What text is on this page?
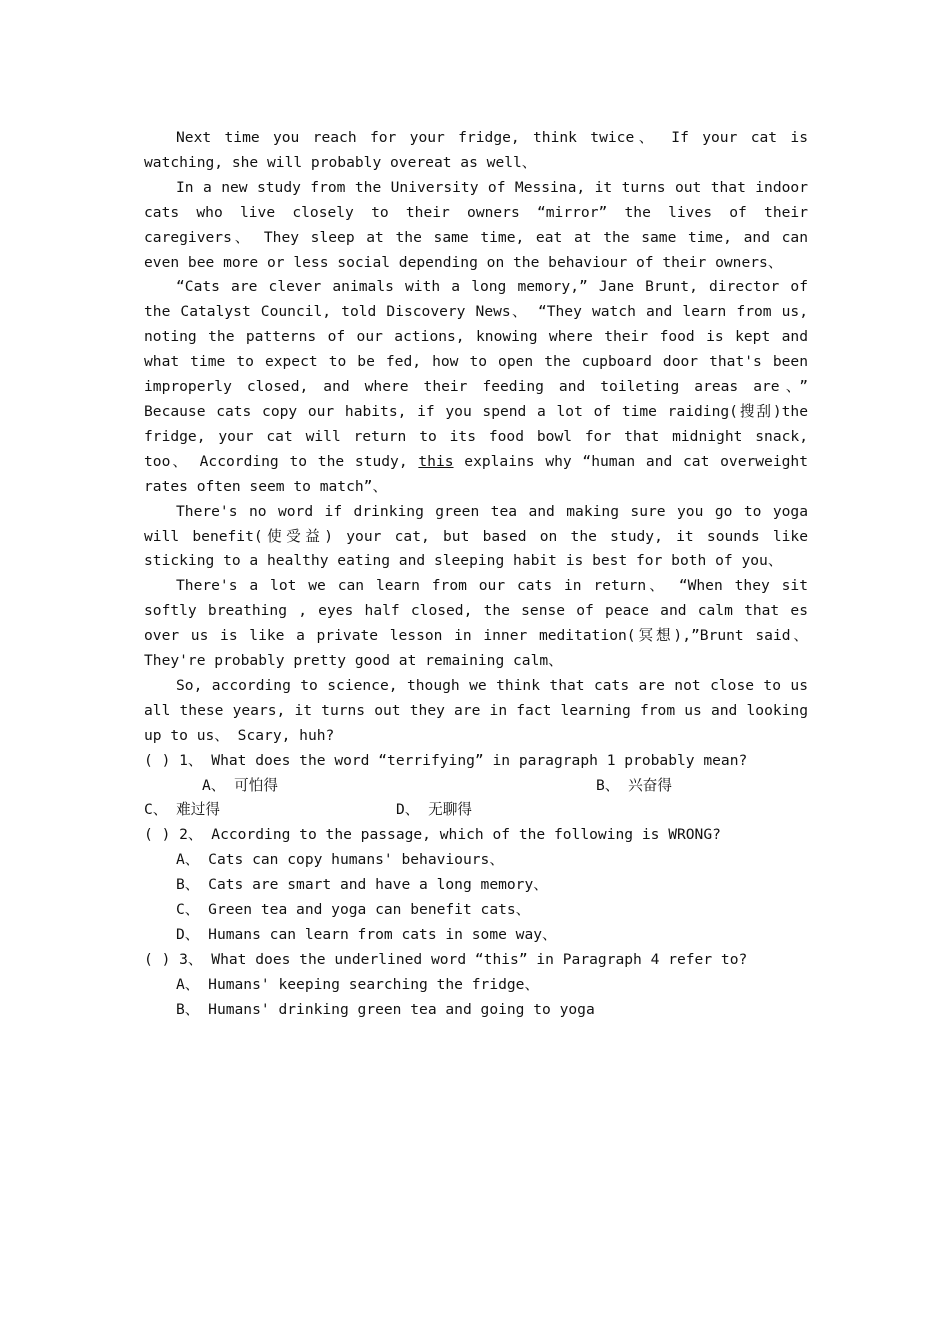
Next time you reach for your fridge, think twice、 If your cat is watching, she will probably overeat as well、

In a new study from the University of Messina, it turns out that indoor cats who live closely to their owners “mirror” the lives of their caregivers、 They sleep at the same time, eat at the same time, and can even bee more or less social depending on the behaviour of their owners、

“Cats are clever animals with a long memory,” Jane Brunt, director of the Catalyst Council, told Discovery News、 “They watch and learn from us, noting the patterns of our actions, knowing where their food is kept and what time to expect to be fed, how to open the cupboard door that's been improperly closed, and where their feeding and toileting areas are、” Because cats copy our habits, if you spend a lot of time raiding(搜刮)the fridge, your cat will return to its food bowl for that midnight snack, too、 According to the study, this explains why “human and cat overweight rates often seem to match”、

There's no word if drinking green tea and making sure you go to yoga will benefit(使受益) your cat, but based on the study, it sounds like sticking to a healthy eating and sleeping habit is best for both of you、

There's a lot we can learn from our cats in return、 “When they sit softly breathing , eyes half closed, the sense of peace and calm that es over us is like a private lesson in inner meditation(冥想),”Brunt said、 They're probably pretty good at remaining calm、

So, according to science, though we think that cats are not close to us all these years, it turns out they are in fact learning from us and looking up to us、 Scary, huh?

( ) 1、 What does the word “terrifying” in paragraph 1 probably mean?

A、 可怕得	B、 兴奋得
C、 难过得	D、 无聊得

( ) 2、 According to the passage, which of the following is WRONG?

A、 Cats can copy humans' behaviours、

B、 Cats are smart and have a long memory、

C、 Green tea and yoga can benefit cats、

D、 Humans can learn from cats in some way、

( ) 3、 What does the underlined word “this” in Paragraph 4 refer to?

A、 Humans' keeping searching the fridge、

B、 Humans' drinking green tea and going to yoga
